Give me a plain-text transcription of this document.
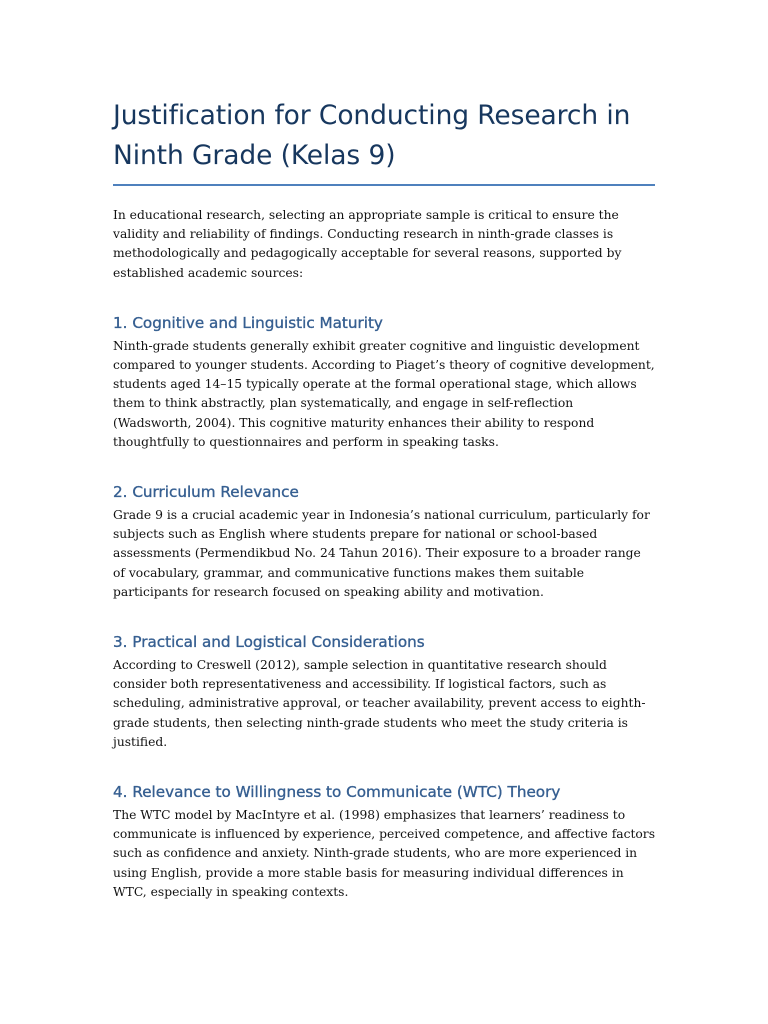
Justification for Conducting Research in Ninth Grade (Kelas 9)

In educational research, selecting an appropriate sample is critical to ensure the validity and reliability of findings. Conducting research in ninth-grade classes is methodologically and pedagogically acceptable for several reasons, supported by established academic sources:

1. Cognitive and Linguistic Maturity

Ninth-grade students generally exhibit greater cognitive and linguistic development compared to younger students. According to Piaget’s theory of cognitive development, students aged 14–15 typically operate at the formal operational stage, which allows them to think abstractly, plan systematically, and engage in self-reflection (Wadsworth, 2004). This cognitive maturity enhances their ability to respond thoughtfully to questionnaires and perform in speaking tasks.

2. Curriculum Relevance

Grade 9 is a crucial academic year in Indonesia’s national curriculum, particularly for subjects such as English where students prepare for national or school-based assessments (Permendikbud No. 24 Tahun 2016). Their exposure to a broader range of vocabulary, grammar, and communicative functions makes them suitable participants for research focused on speaking ability and motivation.

3. Practical and Logistical Considerations

According to Creswell (2012), sample selection in quantitative research should consider both representativeness and accessibility. If logistical factors, such as scheduling, administrative approval, or teacher availability, prevent access to eighth-grade students, then selecting ninth-grade students who meet the study criteria is justified.

4. Relevance to Willingness to Communicate (WTC) Theory

The WTC model by MacIntyre et al. (1998) emphasizes that learners’ readiness to communicate is influenced by experience, perceived competence, and affective factors such as confidence and anxiety. Ninth-grade students, who are more experienced in using English, provide a more stable basis for measuring individual differences in WTC, especially in speaking contexts.
